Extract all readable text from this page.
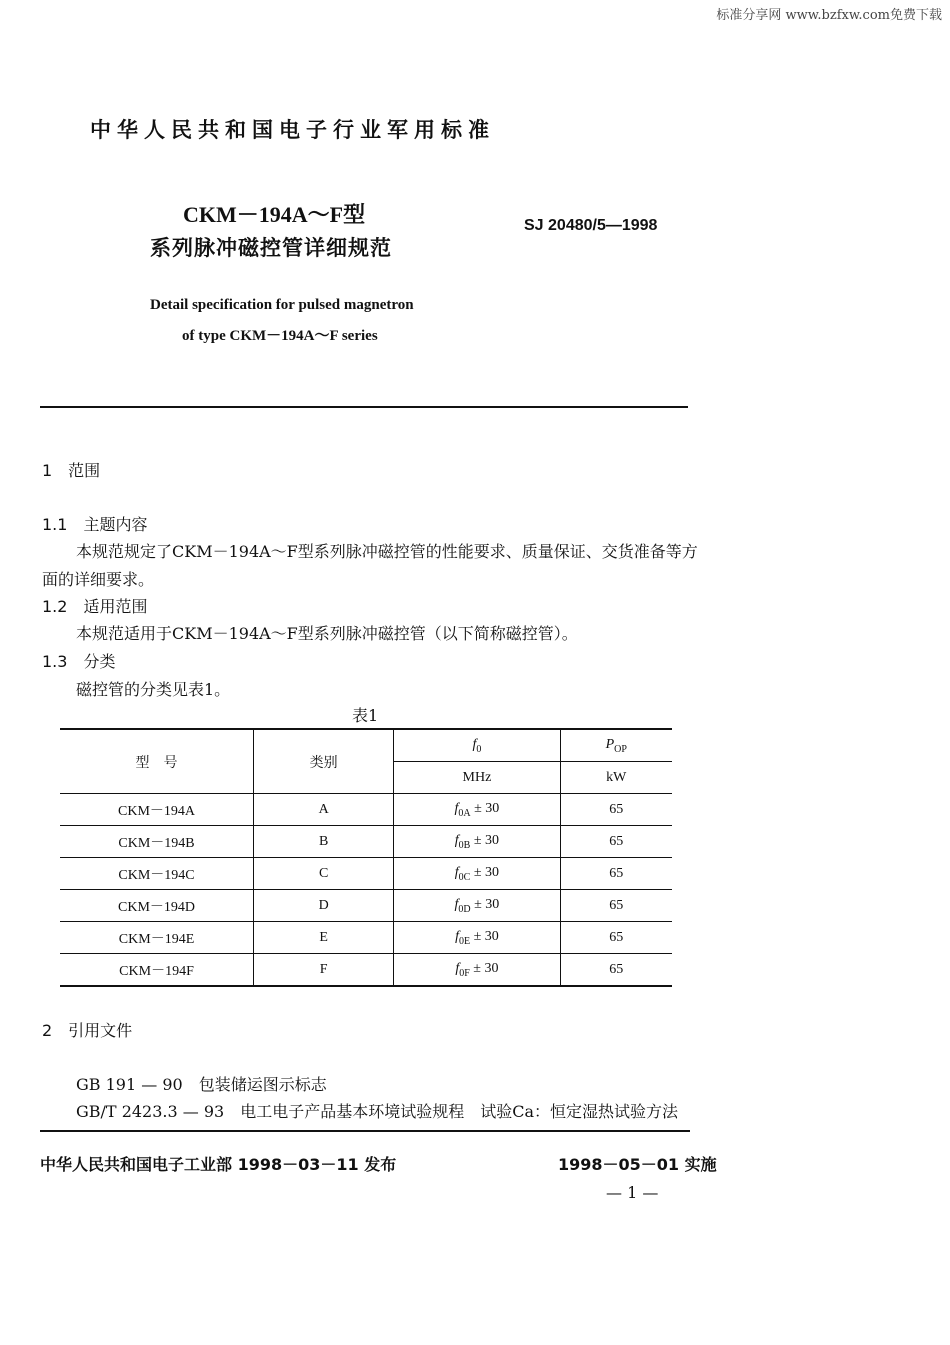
标准分享网 www.bzfxw.com免费下载
中华人民共和国电子行业军用标准
CKM－194A～F型
系列脉冲磁控管详细规范
SJ 20480/5—1998
Detail specification for pulsed magnetron
of type CKM－194A～F series
1　范围
1.1　主题内容
本规范规定了CKM－194A～F型系列脉冲磁控管的性能要求、质量保证、交货准备等方
面的详细要求。
1.2　适用范围
本规范适用于CKM－194A～F型系列脉冲磁控管（以下简称磁控管）。
1.3　分类
磁控管的分类见表1。
表1
型　号	类别	$f_0$	$P_{OP}$
		MHz	kW
CKM－194A	A	$f_{0A} \pm 30$	65
CKM－194B	B	$f_{0B} \pm 30$	65
CKM－194C	C	$f_{0C} \pm 30$	65
CKM－194D	D	$f_{0D} \pm 30$	65
CKM－194E	E	$f_{0E} \pm 30$	65
CKM－194F	F	$f_{0F} \pm 30$	65
2　引用文件
GB 191 — 90　包装储运图示标志
GB/T 2423.3 — 93　电工电子产品基本环境试验规程　试验Ca：恒定湿热试验方法
中华人民共和国电子工业部 1998－03－11 发布	1998－05－01 实施
— 1 —
